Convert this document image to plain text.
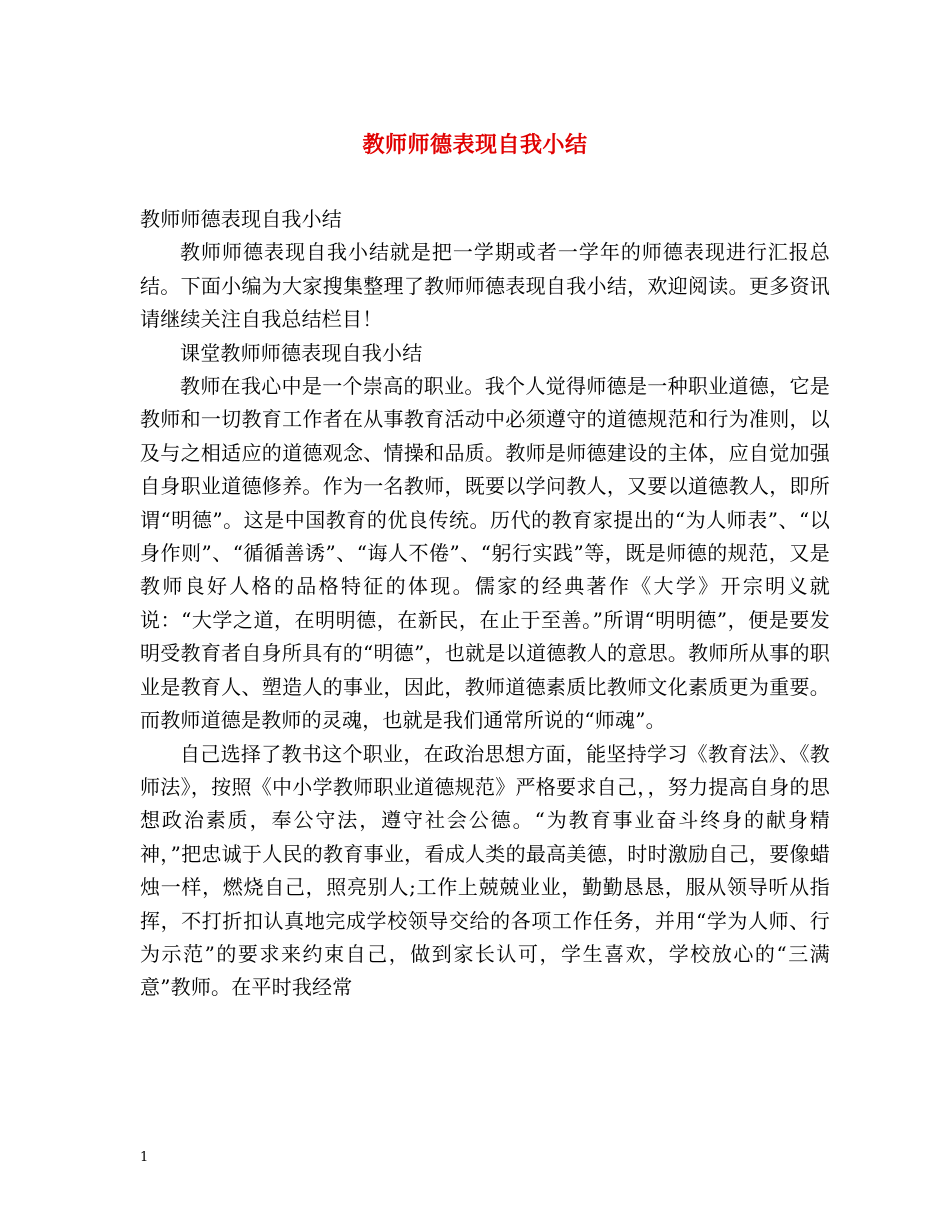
教师师德表现自我小结

教师师德表现自我小结

教师师德表现自我小结就是把一学期或者一学年的师德表现进行汇报总结。下面小编为大家搜集整理了教师师德表现自我小结，欢迎阅读。更多资讯请继续关注自我总结栏目！

课堂教师师德表现自我小结

教师在我心中是一个崇高的职业。我个人觉得师德是一种职业道德，它是教师和一切教育工作者在从事教育活动中必须遵守的道德规范和行为准则，以及与之相适应的道德观念、情操和品质。教师是师德建设的主体，应自觉加强自身职业道德修养。作为一名教师，既要以学问教人，又要以道德教人，即所谓“明德”。这是中国教育的优良传统。历代的教育家提出的“为人师表”、“以身作则”、“循循善诱”、“诲人不倦”、“躬行实践”等，既是师德的规范，又是教师良好人格的品格特征的体现。儒家的经典著作《大学》开宗明义就说：“大学之道，在明明德，在新民，在止于至善。”所谓“明明德”，便是要发明受教育者自身所具有的“明德”，也就是以道德教人的意思。教师所从事的职业是教育人、塑造人的事业，因此，教师道德素质比教师文化素质更为重要。而教师道德是教师的灵魂，也就是我们通常所说的“师魂”。

自己选择了教书这个职业，在政治思想方面，能坚持学习《教育法》、《教师法》，按照《中小学教师职业道德规范》严格要求自己，，努力提高自身的思想政治素质，奉公守法，遵守社会公德。“为教育事业奋斗终身的献身精神，”把忠诚于人民的教育事业，看成人类的最高美德，时时激励自己，要像蜡烛一样，燃烧自己，照亮别人;工作上兢兢业业，勤勤恳恳，服从领导听从指挥，不打折扣认真地完成学校领导交给的各项工作任务，并用“学为人师、行为示范”的要求来约束自己，做到家长认可，学生喜欢，学校放心的“三满意”教师。在平时我经常

1
